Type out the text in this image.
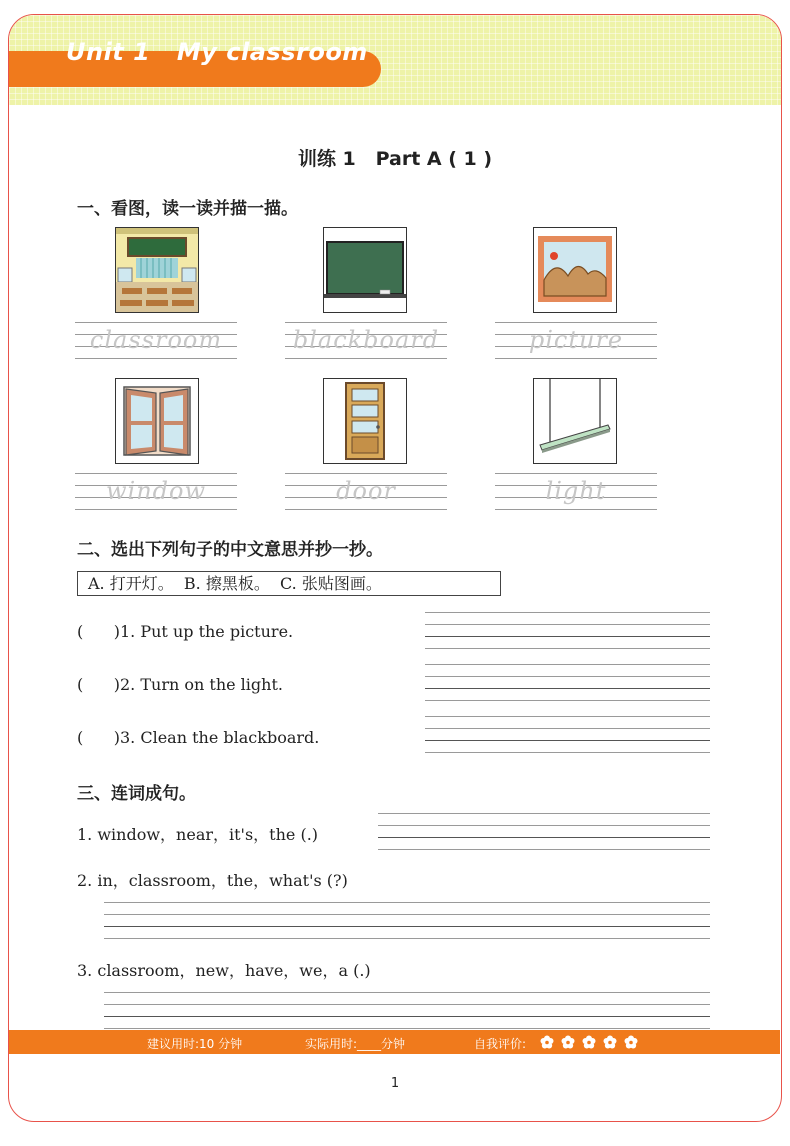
Unit 1   My classroom
训练 1   Part A ( 1 )
一、看图，读一读并描一描。
classroom	blackboard	picture
window	door	light
二、选出下列句子的中文意思并抄一抄。
A. 打开灯。  B. 擦黑板。  C. 张贴图画。
(      )1. Put up the picture.
(      )2. Turn on the light.
(      )3. Clean the blackboard.
三、连词成句。
1. window，near，it's，the (.)
2. in，classroom，the，what's (?)
3. classroom，new，have，we，a (.)
建议用时:10 分钟	实际用时:____分钟	自我评价:
1
